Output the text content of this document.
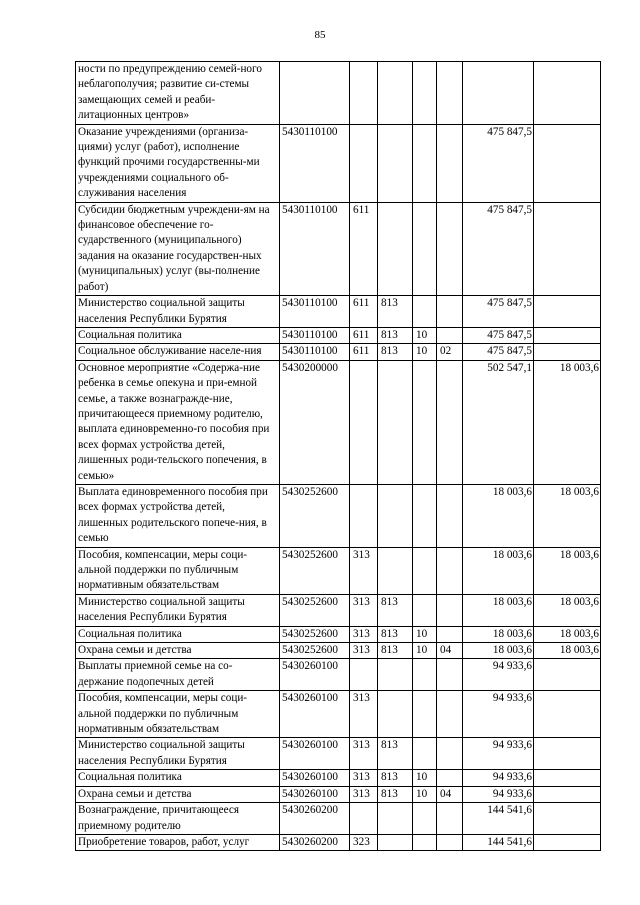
85
ности по предупреждению семей-ного неблагополучия; развитие си-стемы замещающих семей и реаби-литационных центров»							
Оказание учреждениями (организа-циями) услуг (работ), исполнение функций прочими государственны-ми учреждениями социального об-служивания населения	5430110100					475 847,5	
Субсидии бюджетным учреждени-ям на финансовое обеспечение го-сударственного (муниципального) задания на оказание государствен-ных (муниципальных) услуг (вы-полнение работ)	5430110100	611				475 847,5	
Министерство социальной защиты населения Республики Бурятия	5430110100	611	813			475 847,5	
Социальная политика	5430110100	611	813	10		475 847,5	
Социальное обслуживание населе-ния	5430110100	611	813	10	02	475 847,5	
Основное мероприятие «Содержа-ние ребенка в семье опекуна и при-емной семье, а также вознагражде-ние, причитающееся приемному родителю, выплата единовременно-го пособия при всех формах устройства детей, лишенных роди-тельского попечения, в семью»	5430200000					502 547,1	18 003,6
Выплата единовременного пособия при всех формах устройства детей, лишенных родительского попече-ния, в семью	5430252600					18 003,6	18 003,6
Пособия, компенсации, меры соци-альной поддержки по публичным нормативным обязательствам	5430252600	313				18 003,6	18 003,6
Министерство социальной защиты населения Республики Бурятия	5430252600	313	813			18 003,6	18 003,6
Социальная политика	5430252600	313	813	10		18 003,6	18 003,6
Охрана семьи и детства	5430252600	313	813	10	04	18 003,6	18 003,6
Выплаты приемной семье на со-держание подопечных детей	5430260100					94 933,6	
Пособия, компенсации, меры соци-альной поддержки по публичным нормативным обязательствам	5430260100	313				94 933,6	
Министерство социальной защиты населения Республики Бурятия	5430260100	313	813			94 933,6	
Социальная политика	5430260100	313	813	10		94 933,6	
Охрана семьи и детства	5430260100	313	813	10	04	94 933,6	
Вознаграждение, причитающееся приемному родителю	5430260200					144 541,6	
Приобретение товаров, работ, услуг	5430260200	323				144 541,6	
